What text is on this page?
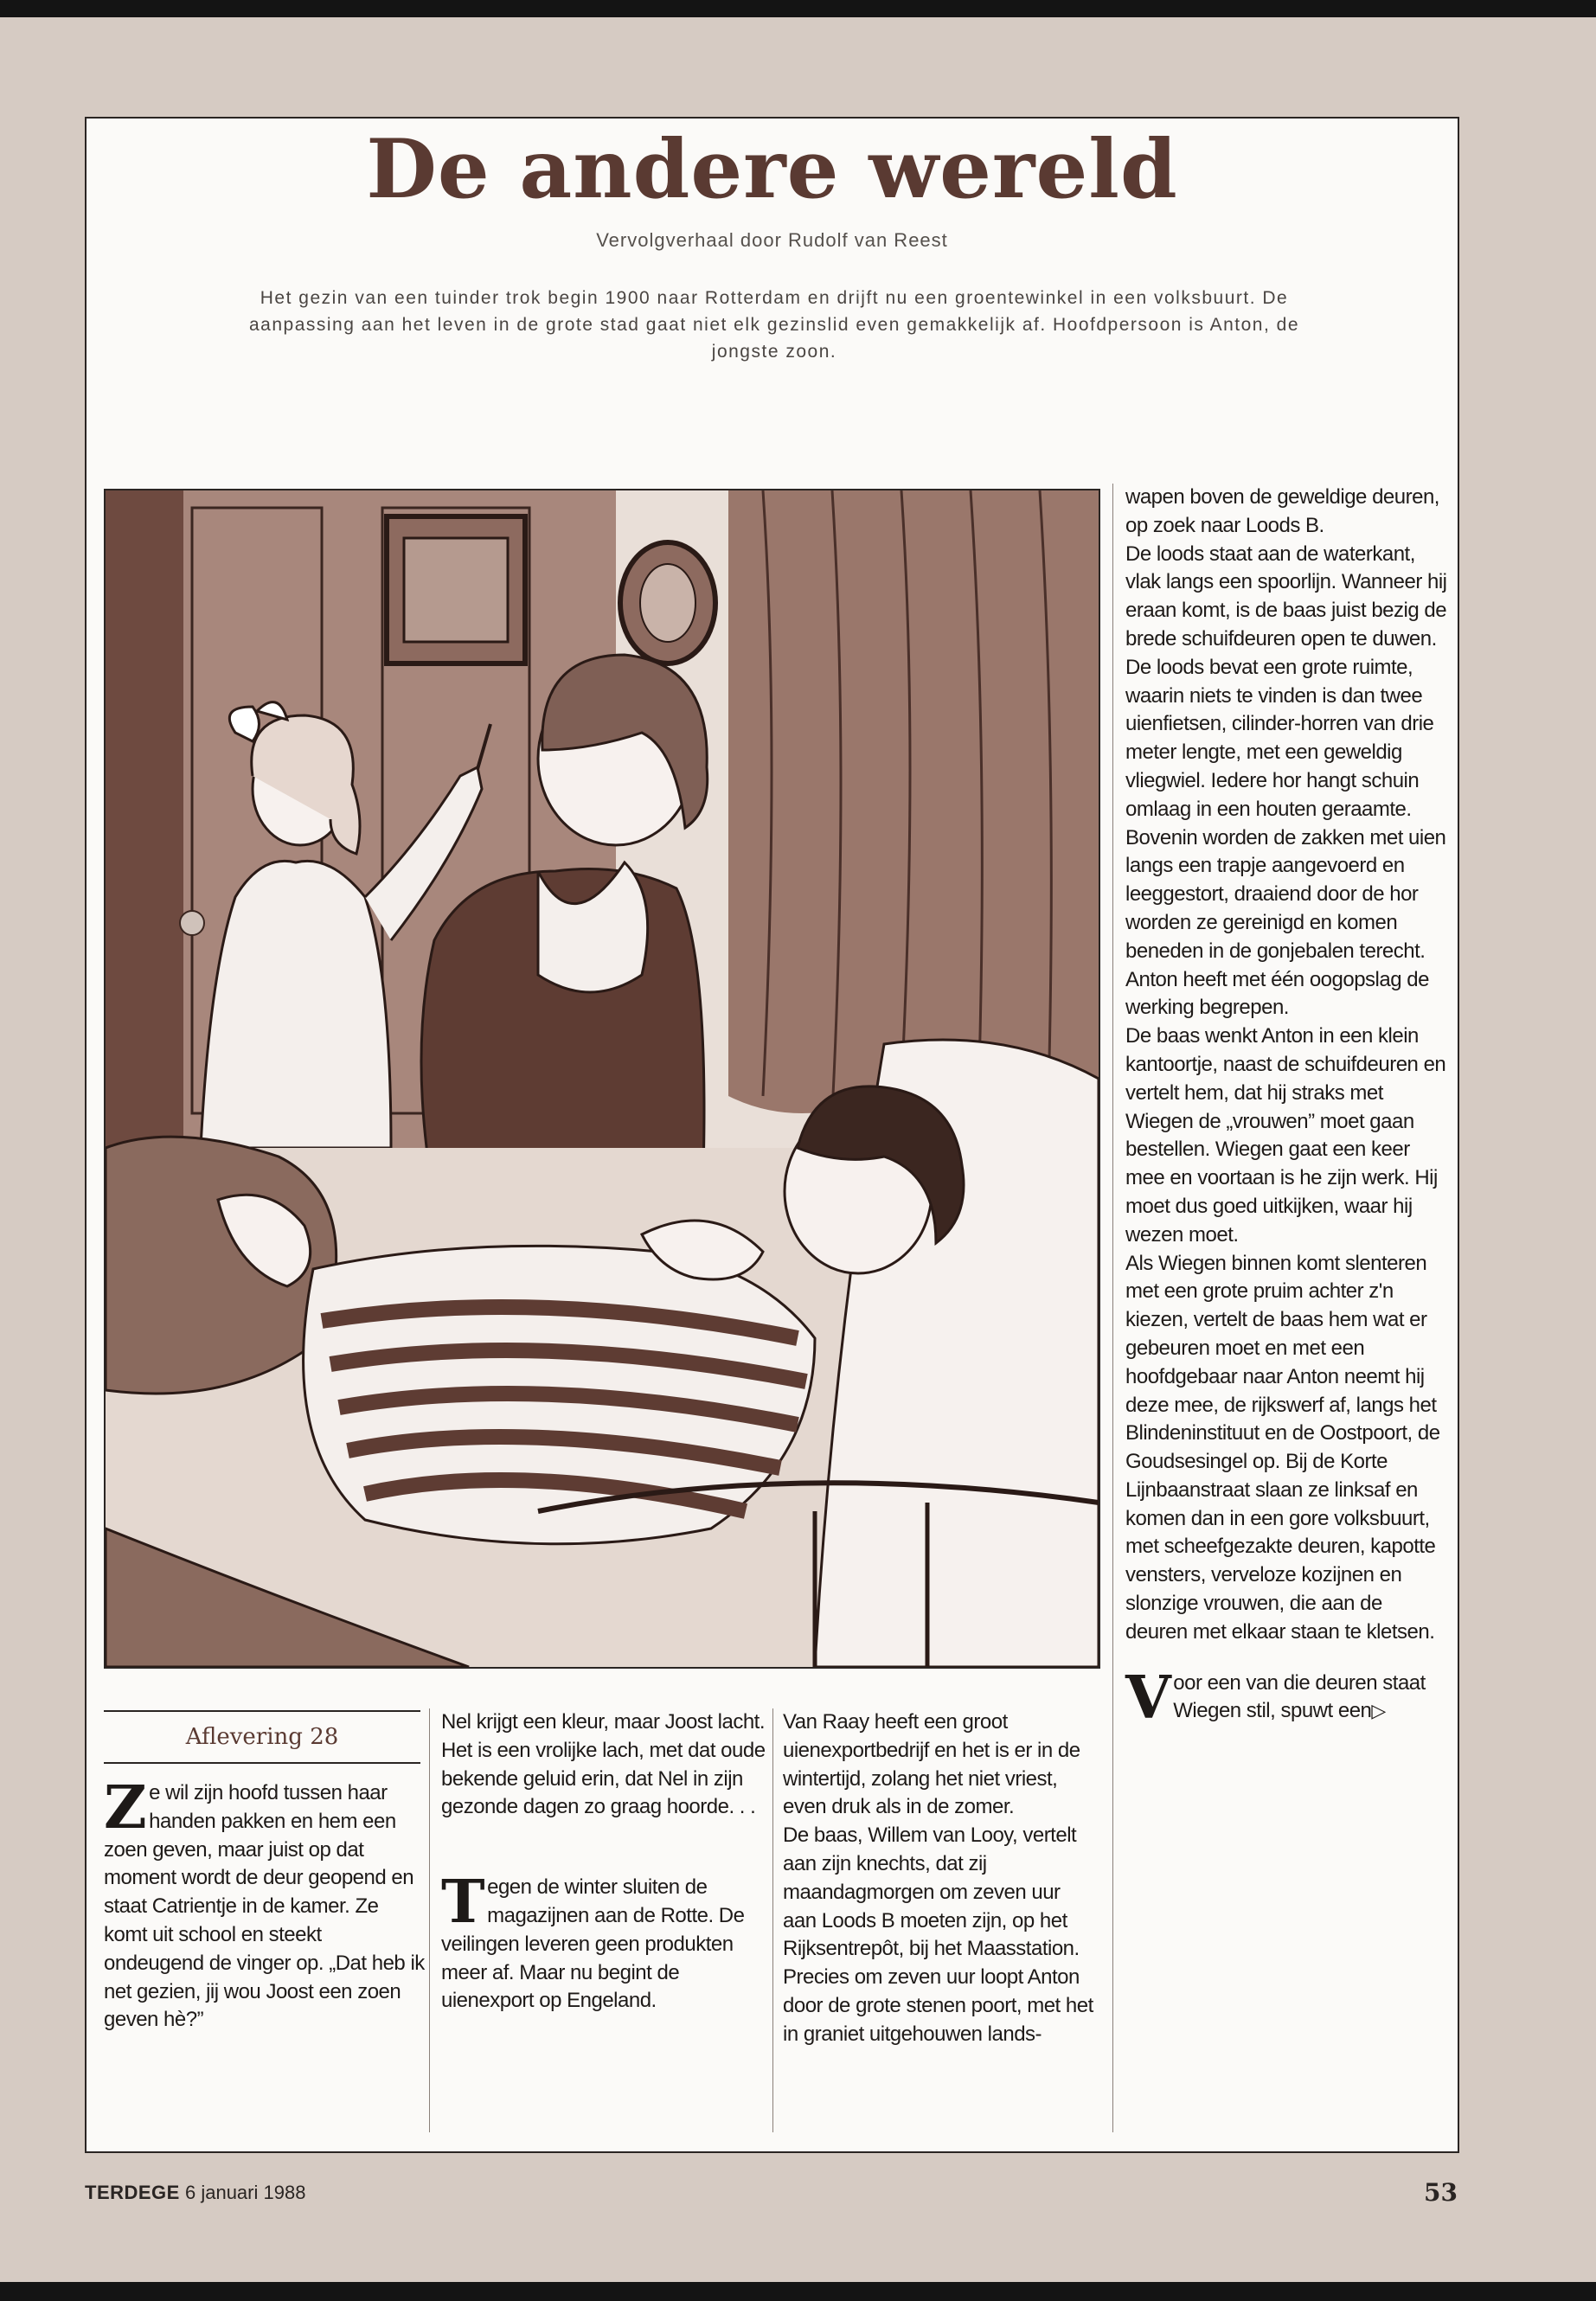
De andere wereld
Vervolgverhaal door Rudolf van Reest
Het gezin van een tuinder trok begin 1900 naar Rotterdam en drijft nu een groentewinkel in een volksbuurt. De aanpassing aan het leven in de grote stad gaat niet elk gezinslid even gemakkelijk af. Hoofdpersoon is Anton, de jongste zoon.

wapen boven de geweldige deuren, op zoek naar Loods B.

De loods staat aan de waterkant, vlak langs een spoorlijn. Wanneer hij eraan komt, is de baas juist bezig de brede schuifdeuren open te duwen. De loods bevat een grote ruimte, waarin niets te vinden is dan twee uienfietsen, cilinder-horren van drie meter lengte, met een geweldig vliegwiel. Iedere hor hangt schuin omlaag in een houten geraamte. Bovenin worden de zakken met uien langs een trapje aangevoerd en leeggestort, draaiend door de hor worden ze gereinigd en komen beneden in de gonjebalen terecht. Anton heeft met één oogopslag de werking begrepen.

De baas wenkt Anton in een klein kantoortje, naast de schuifdeuren en vertelt hem, dat hij straks met Wiegen de „vrouwen” moet gaan bestellen. Wiegen gaat een keer mee en voortaan is he zijn werk. Hij moet dus goed uitkijken, waar hij wezen moet.

Als Wiegen binnen komt slenteren met een grote pruim achter z'n kiezen, vertelt de baas hem wat er gebeuren moet en met een hoofdgebaar naar Anton neemt hij deze mee, de rijkswerf af, langs het Blindeninstituut en de Oostpoort, de Goudsesingel op. Bij de Korte Lijnbaanstraat slaan ze linksaf en komen dan in een gore volksbuurt, met scheefgezakte deuren, kapotte vensters, verveloze kozijnen en slonzige vrouwen, die aan de deuren met elkaar staan te kletsen.

Voor een van die deuren staat Wiegen stil, spuwt een▷

Aflevering 28

Ze wil zijn hoofd tussen haar handen pakken en hem een zoen geven, maar juist op dat moment wordt de deur geopend en staat Catrientje in de kamer. Ze komt uit school en steekt ondeugend de vinger op. „Dat heb ik net gezien, jij wou Joost een zoen geven hè?”

Nel krijgt een kleur, maar Joost lacht. Het is een vrolijke lach, met dat oude bekende geluid erin, dat Nel in zijn gezonde dagen zo graag hoorde. . .

Tegen de winter sluiten de magazijnen aan de Rotte. De veilingen leveren geen produkten meer af. Maar nu begint de uienexport op Engeland.

Van Raay heeft een groot uienexportbedrijf en het is er in de wintertijd, zolang het niet vriest, even druk als in de zomer.

De baas, Willem van Looy, vertelt aan zijn knechts, dat zij maandagmorgen om zeven uur aan Loods B moeten zijn, op het Rijksentrepôt, bij het Maasstation. Precies om zeven uur loopt Anton door de grote stenen poort, met het in graniet uitgehouwen lands-

TERDEGE 6 januari 1988	53
